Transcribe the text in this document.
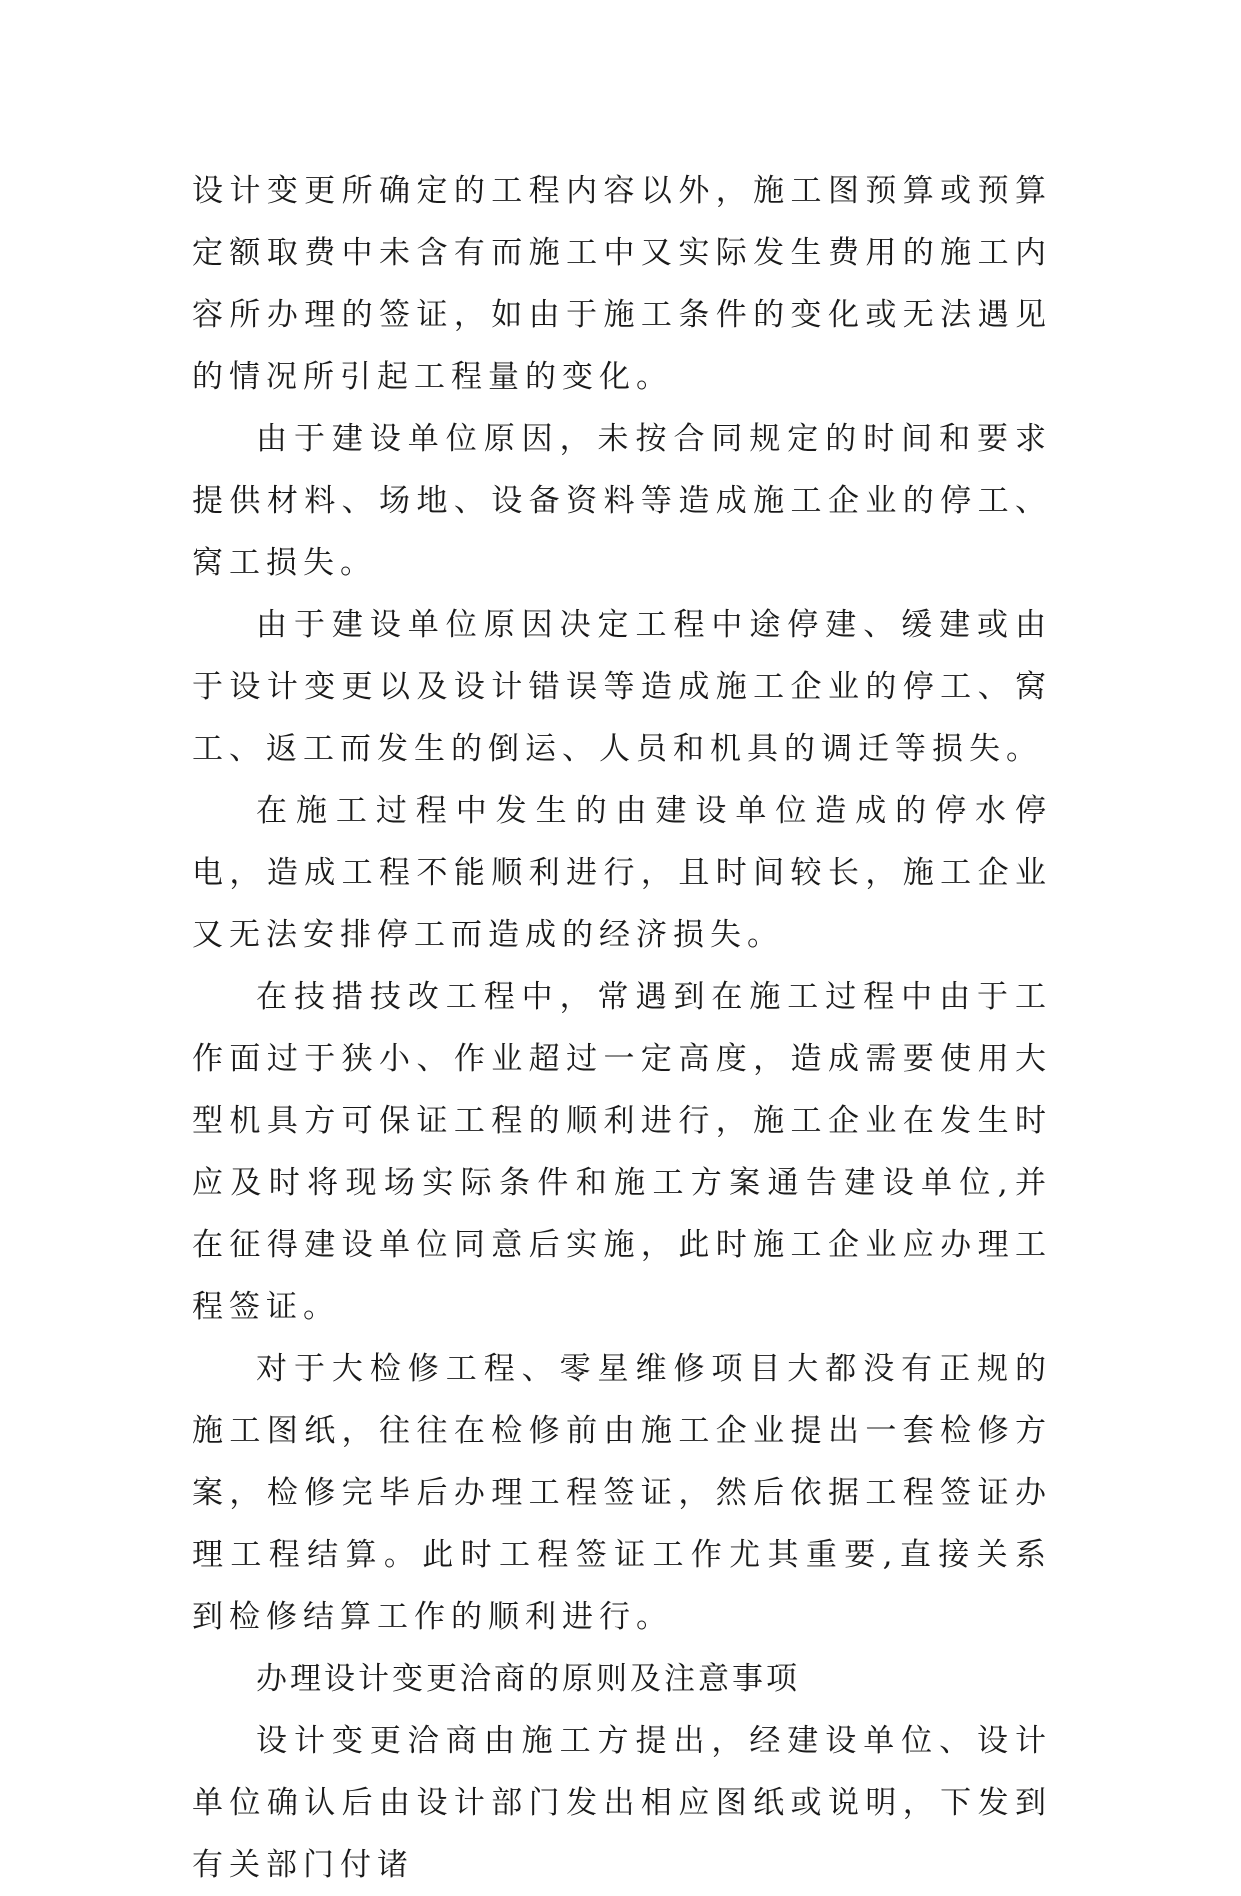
设计变更所确定的工程内容以外，施工图预算或预算定额取费中未含有而施工中又实际发生费用的施工内容所办理的签证，如由于施工条件的变化或无法遇见的情况所引起工程量的变化。

由于建设单位原因，未按合同规定的时间和要求提供材料、场地、设备资料等造成施工企业的停工、窝工损失。

由于建设单位原因决定工程中途停建、缓建或由于设计变更以及设计错误等造成施工企业的停工、窝工、返工而发生的倒运、人员和机具的调迁等损失。

在施工过程中发生的由建设单位造成的停水停电，造成工程不能顺利进行，且时间较长，施工企业又无法安排停工而造成的经济损失。

在技措技改工程中，常遇到在施工过程中由于工作面过于狭小、作业超过一定高度，造成需要使用大型机具方可保证工程的顺利进行，施工企业在发生时应及时将现场实际条件和施工方案通告建设单位,并在征得建设单位同意后实施，此时施工企业应办理工程签证。

对于大检修工程、零星维修项目大都没有正规的施工图纸，往往在检修前由施工企业提出一套检修方案，检修完毕后办理工程签证，然后依据工程签证办理工程结算。此时工程签证工作尤其重要,直接关系到检修结算工作的顺利进行。

办理设计变更洽商的原则及注意事项

设计变更洽商由施工方提出，经建设单位、设计单位确认后由设计部门发出相应图纸或说明，下发到有关部门付诸
